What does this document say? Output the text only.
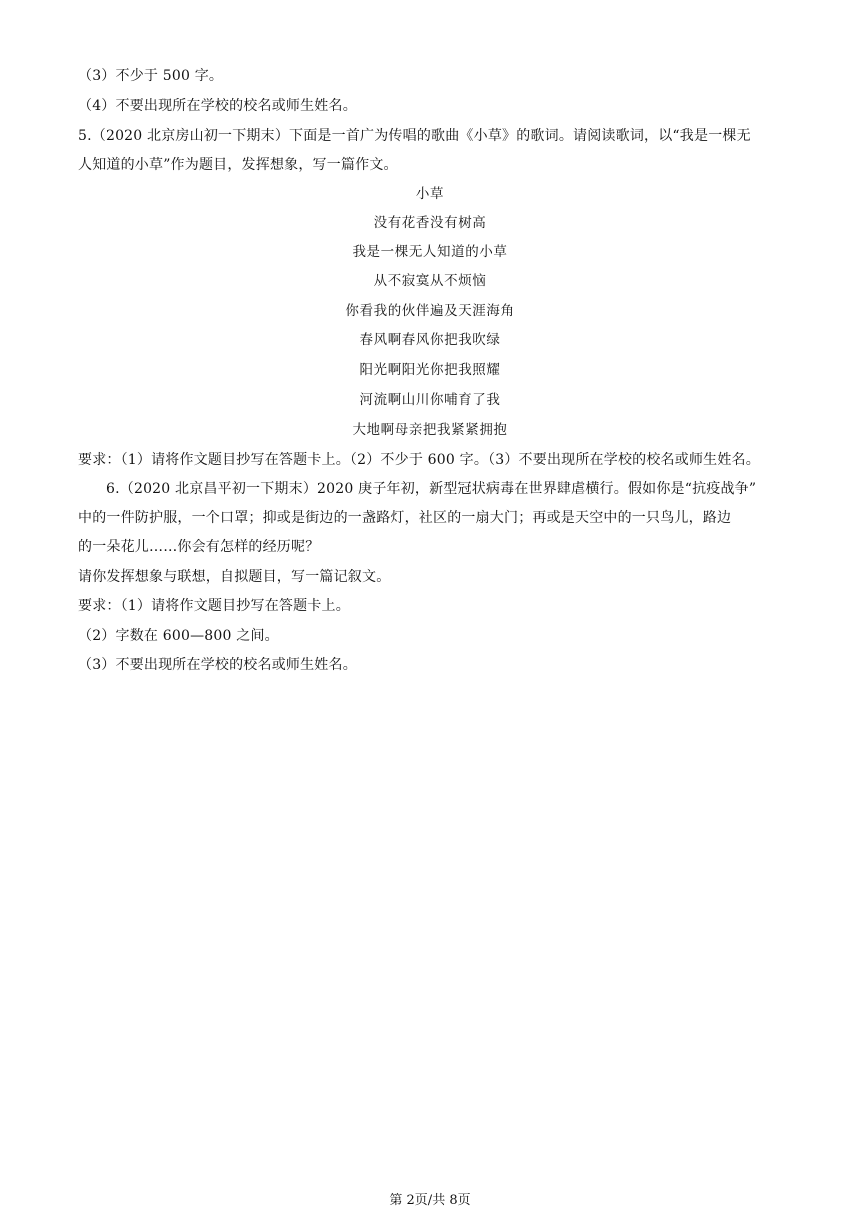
（3）不少于 500 字。
（4）不要出现所在学校的校名或师生姓名。
5.（2020 北京房山初一下期末）下面是一首广为传唱的歌曲《小草》的歌词。请阅读歌词，以“我是一棵无
人知道的小草”作为题目，发挥想象，写一篇作文。
小草
没有花香没有树高
我是一棵无人知道的小草
从不寂寞从不烦恼
你看我的伙伴遍及天涯海角
春风啊春风你把我吹绿
阳光啊阳光你把我照耀
河流啊山川你哺育了我
大地啊母亲把我紧紧拥抱
要求：（1）请将作文题目抄写在答题卡上。（2）不少于 600 字。（3）不要出现所在学校的校名或师生姓名。
6.（2020 北京昌平初一下期末）2020 庚子年初，新型冠状病毒在世界肆虐横行。假如你是“抗疫战争”
中的一件防护服，一个口罩；抑或是街边的一盏路灯，社区的一扇大门；再或是天空中的一只鸟儿，路边
的一朵花儿……你会有怎样的经历呢？
请你发挥想象与联想，自拟题目，写一篇记叙文。
要求：（1）请将作文题目抄写在答题卡上。
（2）字数在 600—800 之间。
（3）不要出现所在学校的校名或师生姓名。
第 2页/共 8页
